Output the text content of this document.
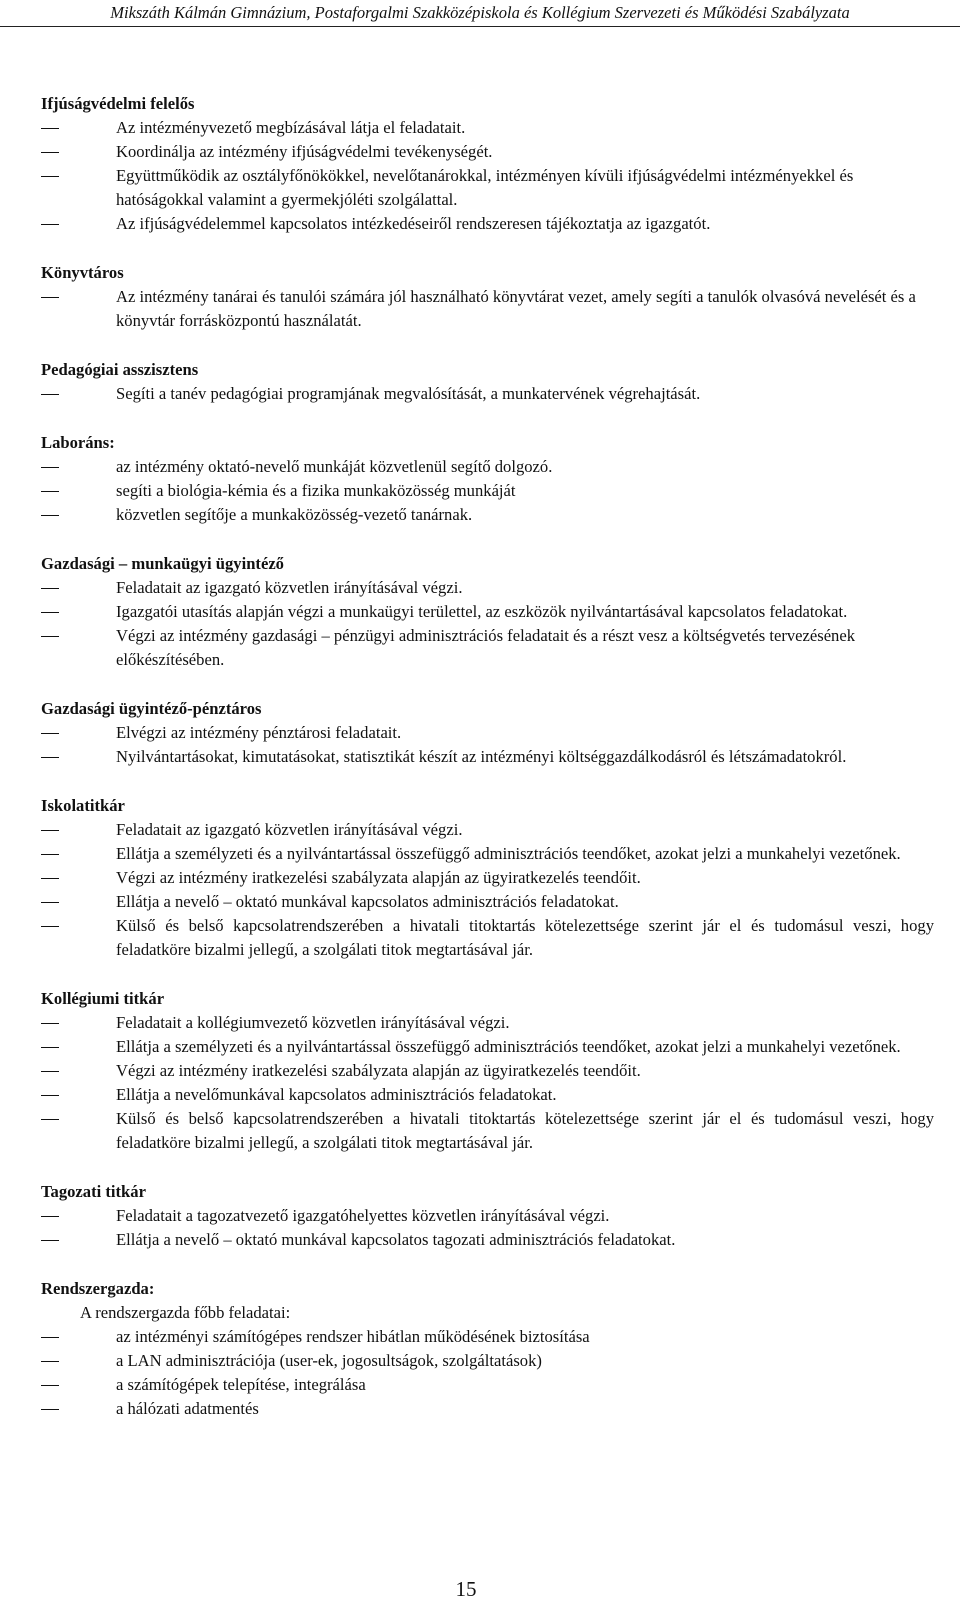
Mikszáth Kálmán Gimnázium, Postaforgalmi Szakközépiskola és Kollégium Szervezeti és Működési Szabályzata
Ifjúságvédelmi felelős
Az intézményvezető megbízásával látja el feladatait.
Koordinálja az intézmény ifjúságvédelmi tevékenységét.
Együttműködik az osztályfőnökökkel, nevelőtanárokkal, intézményen kívüli ifjúságvédelmi intézményekkel és hatóságokkal valamint a gyermekjóléti szolgálattal.
Az ifjúságvédelemmel kapcsolatos intézkedéseiről rendszeresen tájékoztatja az igazgatót.
Könyvtáros
Az intézmény tanárai és tanulói számára jól használható könyvtárat vezet, amely segíti a tanulók olvasóvá nevelését és a könyvtár forrásközpontú használatát.
Pedagógiai asszisztens
Segíti a tanév pedagógiai programjának megvalósítását, a munkatervének végrehajtását.
Laboráns:
az intézmény oktató-nevelő munkáját közvetlenül segítő dolgozó.
segíti a biológia-kémia és a fizika munkaközösség munkáját
közvetlen segítője a munkaközösség-vezető tanárnak.
Gazdasági – munkaügyi ügyintéző
Feladatait az igazgató közvetlen irányításával végzi.
Igazgatói utasítás alapján végzi a munkaügyi területtel, az eszközök nyilvántartásával kapcsolatos feladatokat.
Végzi az intézmény gazdasági – pénzügyi adminisztrációs feladatait és a részt vesz a költségvetés tervezésének előkészítésében.
Gazdasági ügyintéző-pénztáros
Elvégzi az intézmény pénztárosi feladatait.
Nyilvántartásokat, kimutatásokat, statisztikát készít az intézményi költséggazdálkodásról és létszámadatokról.
Iskolatitkár
Feladatait az igazgató közvetlen irányításával végzi.
Ellátja a személyzeti és a nyilvántartással összefüggő adminisztrációs teendőket, azokat jelzi a munkahelyi vezetőnek.
Végzi az intézmény iratkezelési szabályzata alapján az ügyiratkezelés teendőit.
Ellátja a nevelő – oktató munkával kapcsolatos adminisztrációs feladatokat.
Külső és belső kapcsolatrendszerében a hivatali titoktartás kötelezettsége szerint jár el és tudomásul veszi, hogy feladatköre bizalmi jellegű, a szolgálati titok megtartásával jár.
Kollégiumi titkár
Feladatait a kollégiumvezető közvetlen irányításával végzi.
Ellátja a személyzeti és a nyilvántartással összefüggő adminisztrációs teendőket, azokat jelzi a munkahelyi vezetőnek.
Végzi az intézmény iratkezelési szabályzata alapján az ügyiratkezelés teendőit.
Ellátja a nevelőmunkával kapcsolatos adminisztrációs feladatokat.
Külső és belső kapcsolatrendszerében a hivatali titoktartás kötelezettsége szerint jár el és tudomásul veszi, hogy feladatköre bizalmi jellegű, a szolgálati titok megtartásával jár.
Tagozati titkár
Feladatait a tagozatvezető igazgatóhelyettes közvetlen irányításával végzi.
Ellátja a nevelő – oktató munkával kapcsolatos tagozati adminisztrációs feladatokat.
Rendszergazda:
A rendszergazda főbb feladatai:
az intézményi számítógépes rendszer hibátlan működésének biztosítása
a LAN adminisztrációja (user-ek, jogosultságok, szolgáltatások)
a számítógépek telepítése, integrálása
a hálózati adatmentés
15
